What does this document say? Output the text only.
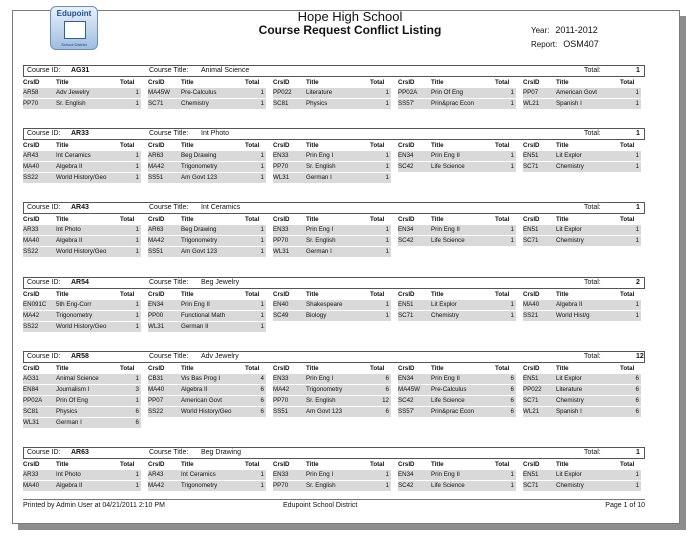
Edupoint
School District
Hope High School
Course Request Conflict Listing	Year: 2011-2012
Report: OSM407
Course ID: AG31	Course Title: Animal Science	Total:	1
CrsID	Title	Total
AR58	Adv Jewelry	1
PP70	Sr. English	1
CrsID	Title	Total
MA45W Pre-Calculus	1
SC71	Chemistry	1
CrsID	Title	Total
PP022 Literature	1
SC81	Physics	1
CrsID	Title	Total
PP02A Prin Of Eng	1
SS57'	Prin&prac Econ	1
CrsID	Title	Total
PP07	American Govt	1
WL21	Spanish I	1
Course ID: AR33	Course Title: Int Photo	Total:	1
CrsID	Title	Total
AR43	Int Ceramics	1
MA40	Algebra II	1
SS22	World History/Geo	1
CrsID	Title	Total
AR63	Beg Drawing	1
MA42	Trigonometry	1
SS51	Am Govt 123	1
CrsID	Title	Total
EN33	Prin Eng I	1
PP70	Sr. English	1
WL31	German I	1
CrsID	Title	Total
EN34	Prin Eng II	1
SC42	Life Science	1
CrsID	Title	Total
EN51	Lit Explor	1
SC71	Chemistry	1
Course ID: AR43	Course Title: Int Ceramics	Total:	1
CrsID	Title	Total
AR33	Int Photo	1
MA40	Algebra II	1
SS22	World History/Geo	1
CrsID	Title	Total
AR63	Beg Drawing	1
MA42	Trigonometry	1
SS51	Am Govt 123	1
CrsID	Title	Total
EN33	Prin Eng I	1
PP70	Sr. English	1
WL31	German I	1
CrsID	Title	Total
EN34	Prin Eng II	1
SC42	Life Science	1
CrsID	Title	Total
EN51	Lit Explor	1
SC71	Chemistry	1
Course ID: AR54	Course Title: Beg Jewelry	Total:	2
CrsID	Title	Total
EN091C 5th Eng-Corr	1
MA42	Trigonometry	1
SS22	World History/Geo	1
CrsID	Title	Total
EN34	Prin Eng II	1
PP00	Functional Math	1
WL31	German II	1
CrsID	Title	Total
EN40	Shakespeare	1
SC49	Biology	1
CrsID	Title	Total
EN51	Lit Explor	1
SC71	Chemistry	1
CrsID	Title	Total
MA40	Algebra II	1
SS21	World Hist/g	1
Course ID: AR58	Course Title: Adv Jewelry	Total:	12
CrsID	Title	Total
AG31	Animal Science	1
EN84	Journalism I	3
PP02A Prin Of Eng	1
SC81	Physics	6
WL31	German I	6
CrsID	Title	Total
CB31	Vis Bas Prog I	4
MA40	Algebra II	6
PP07	American Govt	6
SS22	World History/Geo	6
CrsID	Title	Total
EN33	Prin Eng I	6
MA42	Trigonometry	6
PP70	Sr. English	12
SS51	Am Govt 123	6
CrsID	Title	Total
EN34	Prin Eng II	6
MA45W Pre-Calculus	6
SC42	Life Science	6
SS57'	Prin&prac Econ	6
CrsID	Title	Total
EN51	Lit Explor	6
PP022 Literature	6
SC71	Chemistry	6
WL21	Spanish I	6
Course ID: AR63	Course Title: Beg Drawing	Total:	1
CrsID	Title	Total
AR33	Int Photo	1
MA40	Algebra II	1
CrsID	Title	Total
AR43	Int Ceramics	1
MA42	Trigonometry	1
CrsID	Title	Total
EN33	Prin Eng I	1
PP70	Sr. English	1
CrsID	Title	Total
EN34	Prin Eng II	1
SC42	Life Science	1
CrsID	Title	Total
EN51	Lit Explor	1
SC71	Chemistry	1
Printed by Admin User at 04/21/2011 2:10 PM	Edupoint School District	Page 1 of 10
